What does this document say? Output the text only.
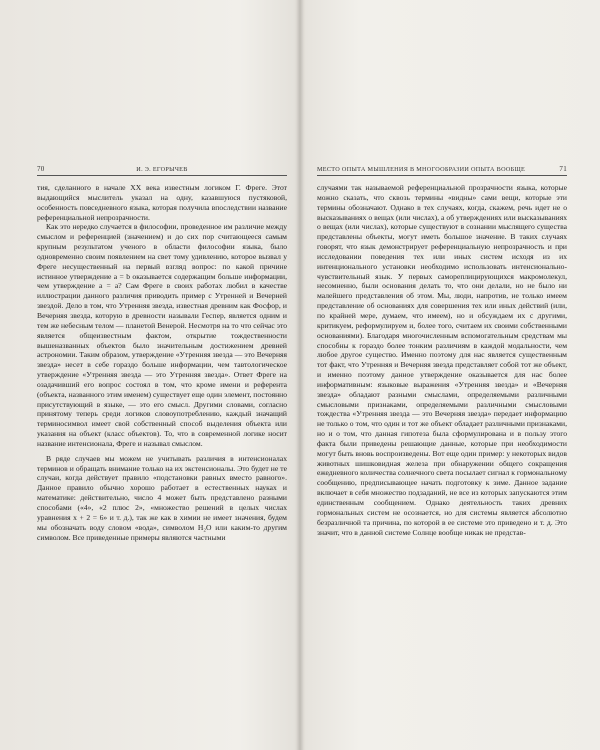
70	И. Э. ЕГОРЫЧЕВ

тия, сделанного в начале XX века известным логиком Г. Фреге. Этот выдающийся мыслитель указал на одну, казавшуюся пустяковой, особенность повседневного языка, которая получила впоследствии название референциальной непрозрачности.

Как это нередко случается в философии, проведенное им различие между смыслом и референцией (значением) и до сих пор считающееся самым крупным результатом ученого в области философии языка, было одновременно своим появлением на свет тому удивлению, которое вызвал у Фреге несущественный на первый взгляд вопрос: по какой причине истинное утверждение a = b оказывается содержащим больше информации, чем утверждение a = a? Сам Фреге в своих работах любил в качестве иллюстрации данного различия приводить пример с Утренней и Вечерней звездой. Дело в том, что Утренняя звезда, известная древним как Фосфор, и Вечерняя звезда, которую в древности называли Геспер, является одним и тем же небесным телом — планетой Венерой. Несмотря на то что сейчас это является общеизвестным фактом, открытие тождественности вышеназванных объектов было значительным достижением древней астрономии. Таким образом, утверждение «Утренняя звезда — это Вечерняя звезда» несет в себе гораздо больше информации, чем тавтологическое утверждение «Утренняя звезда — это Утренняя звезда». Ответ Фреге на озадачивший его вопрос состоял в том, что кроме имени и референта (объекта, названного этим именем) существует еще один элемент, постоянно присутствующий в языке, — это его смысл. Другими словами, согласно принятому теперь среди логиков словоупотреблению, каждый значащий терминосимвол имеет свой собственный способ выделения объекта или указания на объект (класс объектов). То, что в современной логике носит название интенсионала, Фреге и называл смыслом.

В ряде случаев мы можем не учитывать различия в интенсионалах терминов и обращать внимание только на их экстенсионалы. Это будет не те случаи, когда действует правило «подстановки равных вместо равного». Данное правило обычно хорошо работает в естественных науках и математике: действительно, число 4 может быть представлено разными способами («4», «2 плюс 2», «множество решений в целых числах уравнения x + 2 = 6» и т. д.), так же как в химии не имеет значения, будем мы обозначать воду словом «вода», символом H₂O или каким-то другим символом. Все приведенные примеры являются частными

МЕСТО ОПЫТА МЫШЛЕНИЯ В МНОГООБРАЗИИ ОПЫТА ВООБЩЕ	71

случаями так называемой референциальной прозрачности языка, которые можно сказать, что сквозь термины «видны» сами вещи, которые эти термины обозначают. Однако в тех случаях, когда, скажем, речь идет не о высказываниях о вещах (или числах), а об утверждениях или высказываниях о вещах (или числах), которые существуют в сознании мыслящего существа представлены объекты, могут иметь большое значение. В таких случаях говорят, что язык демонстрирует референциальную непрозрачность и при исследовании поведения тех или иных систем исходя из их интенционального установки необходимо использовать интенсионально-чувствительный язык. У первых самореплицирующихся макромолекул, несомненно, были основания делать то, что они делали, но не было ни малейшего представления об этом. Мы, люди, напротив, не только имеем представление об основаниях для совершения тех или иных действий (или, по крайней мере, думаем, что имеем), но и обсуждаем их с другими, критикуем, реформулируем и, более того, считаем их своими собственными основаниями). Благодаря многочисленным вспомогательным средствам мы способны к гораздо более тонким различиям в каждой модальности, чем любое другое существо. Именно поэтому для нас является существенным тот факт, что Утренняя и Вечерняя звезда представляет собой тот же объект, и именно поэтому данное утверждение оказывается для нас более информативным: языковые выражения «Утренняя звезда» и «Вечерняя звезда» обладают разными смыслами, определяемыми различными смысловыми признаками, определяемыми различными смысловыми тождества «Утренняя звезда — это Вечерняя звезда» передает информацию не только о том, что один и тот же объект обладает различными признаками, но и о том, что данная гипотеза была сформулирована и в пользу этого факта были приведены решающие данные, которые при необходимости могут быть вновь воспроизведены. Вот еще один пример: у некоторых видов животных шишковидная железа при обнаружении общего сокращения ежедневного количества солнечного света посылает сигнал к гормональному сообщению, предписывающее начать подготовку к зиме. Данное задание включает в себя множество подзаданий, не все из которых запускаются этим единственным сообщением. Однако деятельность таких древних гормональных систем не осознается, но для системы является абсолютно безразличной та причина, по которой в ее системе это приведено и т. д. Это значит, что в данной системе Солнце вообще никак не представ-
